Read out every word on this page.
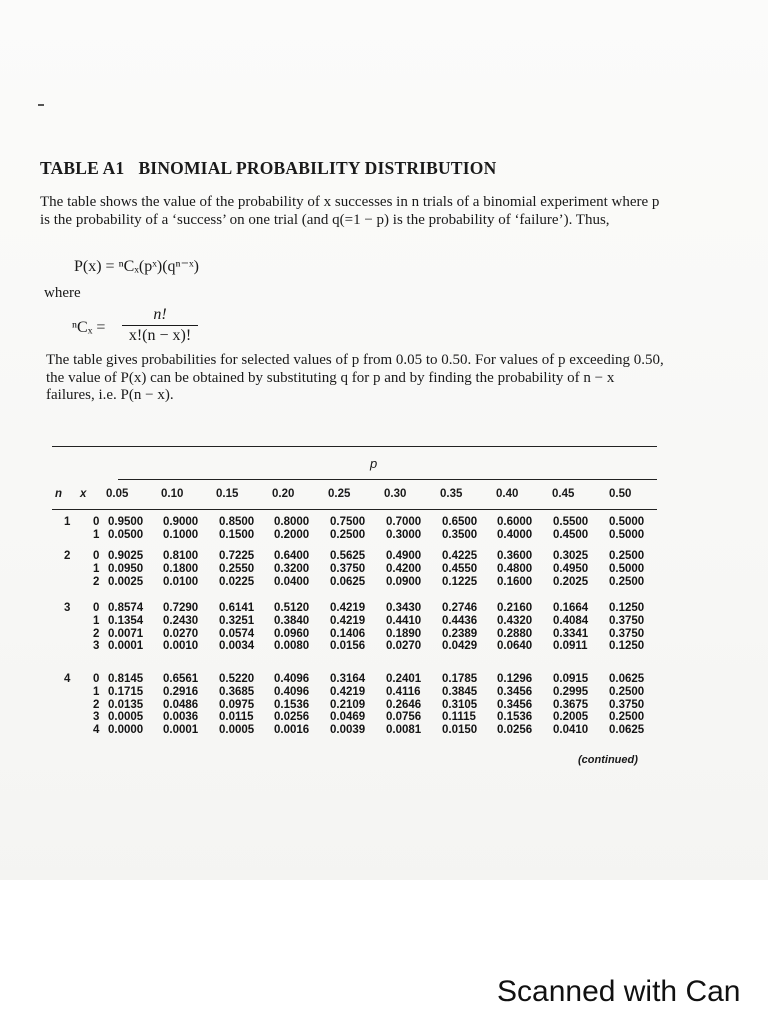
TABLE A1 BINOMIAL PROBABILITY DISTRIBUTION
The table shows the value of the probability of x successes in n trials of a binomial experiment where p is the probability of a ‘success’ on one trial (and q(=1 − p) is the probability of ‘failure’). Thus,
P(x) = ⁿCₓ(pˣ)(qⁿ⁻ˣ)
where
ⁿCₓ =
n!
x!(n − x)!
The table gives probabilities for selected values of p from 0.05 to 0.50. For values of p exceeding 0.50, the value of P(x) can be obtained by substituting q for p and by finding the probability of n − x failures, i.e. P(n − x).
p
n x 0.05	0.10	0.15	0.20	0.25	0.30	0.35	0.40	0.45	0.50
1 0 0.9500 0.9000 0.8500 0.8000 0.7500 0.7000 0.6500 0.6000 0.5500 0.5000
1 0.0500 0.1000 0.1500 0.2000 0.2500 0.3000 0.3500 0.4000 0.4500 0.5000
2 0 0.9025 0.8100 0.7225 0.6400 0.5625 0.4900 0.4225 0.3600 0.3025 0.2500
1 0.0950 0.1800 0.2550 0.3200 0.3750 0.4200 0.4550 0.4800 0.4950 0.5000
2 0.0025 0.0100 0.0225 0.0400 0.0625 0.0900 0.1225 0.1600 0.2025 0.2500
3 0 0.8574 0.7290 0.6141 0.5120 0.4219 0.3430 0.2746 0.2160 0.1664 0.1250
1 0.1354 0.2430 0.3251 0.3840 0.4219 0.4410 0.4436 0.4320 0.4084 0.3750
2 0.0071 0.0270 0.0574 0.0960 0.1406 0.1890 0.2389 0.2880 0.3341 0.3750
3 0.0001 0.0010 0.0034 0.0080 0.0156 0.0270 0.0429 0.0640 0.0911 0.1250
4 0 0.8145 0.6561 0.5220 0.4096 0.3164 0.2401 0.1785 0.1296 0.0915 0.0625
1 0.1715 0.2916 0.3685 0.4096 0.4219 0.4116 0.3845 0.3456 0.2995 0.2500
2 0.0135 0.0486 0.0975 0.1536 0.2109 0.2646 0.3105 0.3456 0.3675 0.3750
3 0.0005 0.0036 0.0115 0.0256 0.0469 0.0756 0.1115 0.1536 0.2005 0.2500
4 0.0000 0.0001 0.0005 0.0016 0.0039 0.0081 0.0150 0.0256 0.0410 0.0625
(continued)
Scanned with Can
